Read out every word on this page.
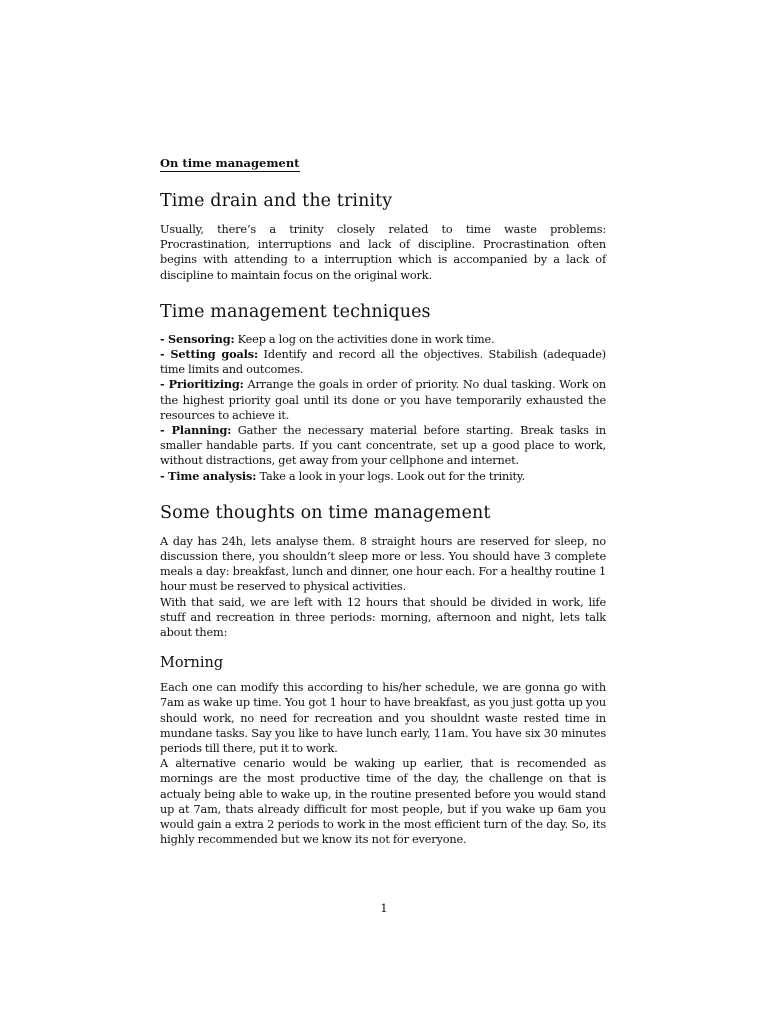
On time management
Time drain and the trinity

Usually, there’s a trinity closely related to time waste problems: Procrastination, interruptions and lack of discipline. Procrastination often begins with attending to a interruption which is accompanied by a lack of discipline to maintain focus on the original work.

Time management techniques

- Sensoring: Keep a log on the activities done in work time.

- Setting goals: Identify and record all the objectives. Stabilish (adequade) time limits and outcomes.

- Prioritizing: Arrange the goals in order of priority. No dual tasking. Work on the highest priority goal until its done or you have temporarily exhausted the resources to achieve it.

- Planning: Gather the necessary material before starting. Break tasks in smaller handable parts. If you cant concentrate, set up a good place to work, without distractions, get away from your cellphone and internet.

- Time analysis: Take a look in your logs. Look out for the trinity.

Some thoughts on time management

A day has 24h, lets analyse them. 8 straight hours are reserved for sleep, no discussion there, you shouldn’t sleep more or less. You should have 3 complete meals a day: breakfast, lunch and dinner, one hour each. For a healthy routine 1 hour must be reserved to physical activities.

With that said, we are left with 12 hours that should be divided in work, life stuff and recreation in three periods: morning, afternoon and night, lets talk about them:

Morning

Each one can modify this according to his/her schedule, we are gonna go with 7am as wake up time. You got 1 hour to have breakfast, as you just gotta up you should work, no need for recreation and you shouldnt waste rested time in mundane tasks. Say you like to have lunch early, 11am. You have six 30 minutes periods till there, put it to work.

A alternative cenario would be waking up earlier, that is recomended as mornings are the most productive time of the day, the challenge on that is actualy being able to wake up, in the routine presented before you would stand up at 7am, thats already difficult for most people, but if you wake up 6am you would gain a extra 2 periods to work in the most efficient turn of the day. So, its highly recommended but we know its not for everyone.

1
